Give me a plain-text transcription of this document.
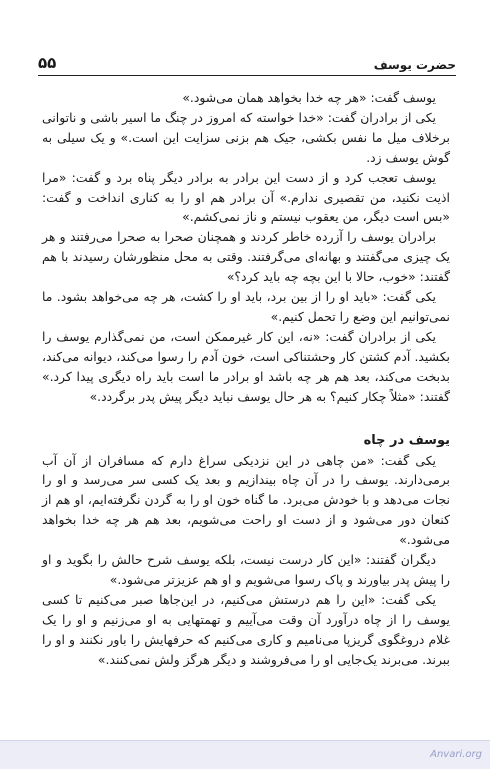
۵۵	حضرت یوسف

یوسف گفت: «هر چه خدا بخواهد همان می‌شود.»

یکی از برادران گفت: «خدا خواسته که امروز در چنگ ما اسیر باشی و ناتوانی برخلاف میل ما نفس بکشی، جیک هم بزنی سزایت این است.» و یک سیلی به گوش یوسف زد.

یوسف تعجب کرد و از دست این برادر به برادر دیگر پناه برد و گفت: «مرا اذیت نکنید، من تقصیری ندارم.» آن برادر هم او را به کناری انداخت و گفت: «بس است دیگر، من یعقوب نیستم و ناز نمی‌کشم.»

برادران یوسف را آزرده خاطر کردند و همچنان صحرا به صحرا می‌رفتند و هر یک چیزی می‌گفتند و بهانه‌ای می‌گرفتند. وقتی به محل منظورشان رسیدند با هم گفتند: «خوب، حالا با این بچه چه باید کرد؟»

یکی گفت: «باید او را از بین برد، باید او را کشت، هر چه می‌خواهد بشود. ما نمی‌توانیم این وضع را تحمل کنیم.»

یکی از برادران گفت: «نه، این کار غیرممکن است، من نمی‌گذارم یوسف را بکشید. آدم کشتن کار وحشتناکی است، خون آدم را رسوا می‌کند، دیوانه می‌کند، بدبخت می‌کند، بعد هم هر چه باشد او برادر ما است باید راه دیگری پیدا کرد.» گفتند: «مثلاً چکار کنیم؟ به هر حال یوسف نباید دیگر پیش پدر برگردد.»

یوسف در چاه

یکی گفت: «من چاهی در این نزدیکی سراغ دارم که مسافران از آن آب برمی‌دارند. یوسف را در آن چاه بیندازیم و بعد یک کسی سر می‌رسد و او را نجات می‌دهد و با خودش می‌برد. ما گناه خون او را به گردن نگرفته‌ایم، او هم از کنعان دور می‌شود و از دست او راحت می‌شویم، بعد هم هر چه خدا بخواهد می‌شود.»

دیگران گفتند: «این کار درست نیست، بلکه یوسف شرح حالش را بگوید و او را پیش پدر بیاورند و پاک رسوا می‌شویم و او هم عزیزتر می‌شود.»

یکی گفت: «این را هم درستش می‌کنیم، در این‌جاها صبر می‌کنیم تا کسی یوسف را از چاه درآورد آن وقت می‌آییم و تهمتهایی به او می‌زنیم و او را یک غلام دروغگوی گریزپا می‌نامیم و کاری می‌کنیم که حرفهایش را باور نکنند و او را ببرند. می‌برند یک‌جایی او را می‌فروشند و دیگر هرگز ولش نمی‌کنند.»

Anvari.org
